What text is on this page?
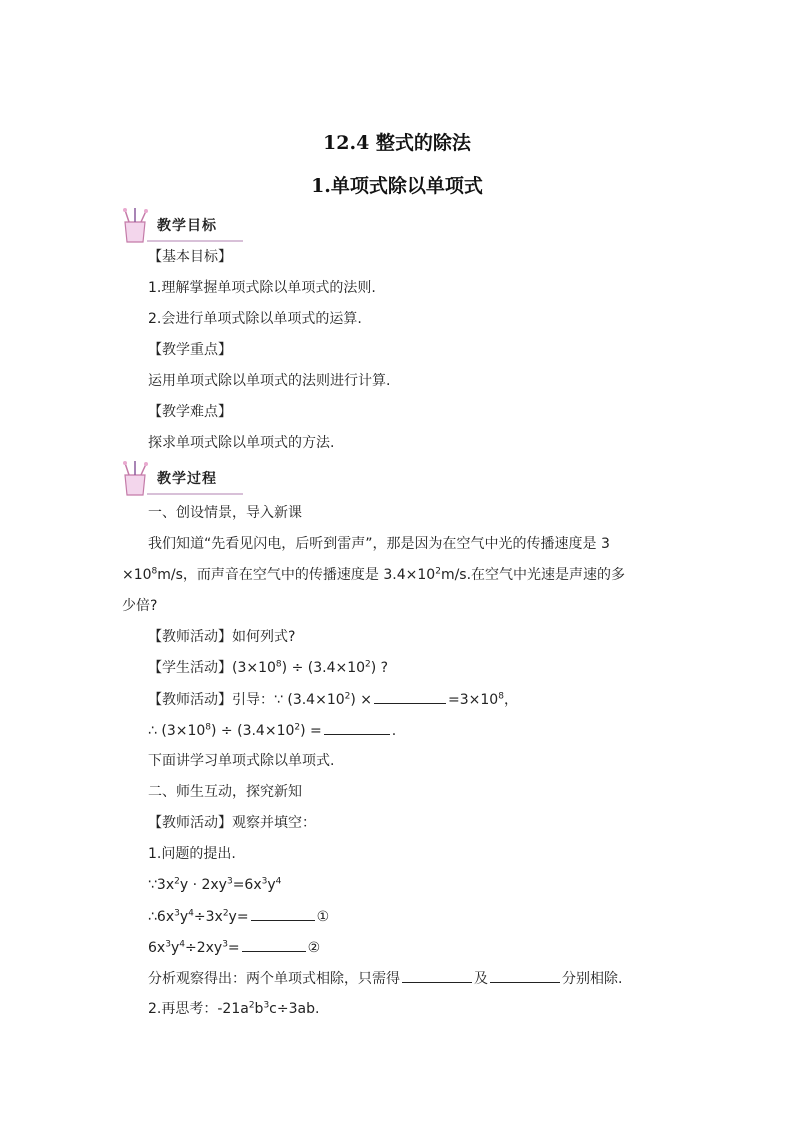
12.4 整式的除法
1.单项式除以单项式
教学目标
【基本目标】
1.理解掌握单项式除以单项式的法则.
2.会进行单项式除以单项式的运算.
【教学重点】
运用单项式除以单项式的法则进行计算.
【教学难点】
探求单项式除以单项式的方法.
教学过程
一、创设情景，导入新课
我们知道“先看见闪电，后听到雷声”，那是因为在空气中光的传播速度是 3
$\times 10^8m/s$，而声音在空气中的传播速度是 $3.4\times 10^2m/s$.在空气中光速是声速的多
少倍?
【教师活动】如何列式?
【学生活动】$(3\times 10^8) \div (3.4\times 10^2)$ ?
【教师活动】引导：∵ $(3.4\times 10^2)$ ×	$=3\times 10^8$，
∴ $(3\times 10^8) \div (3.4\times 10^2)$ =	.
下面讲学习单项式除以单项式.
二、师生互动，探究新知
【教师活动】观察并填空：
1.问题的提出.
$\because 3x^2y \cdot 2xy^3=6x^3y^4$
$\therefore 6x^3y^4\div 3x^2y=$	①
$6x^3y^4\div 2xy^3=$	②
分析观察得出：两个单项式相除，只需得	及	分别相除.
2.再思考：$-21a^2b^3c\div 3ab$.
